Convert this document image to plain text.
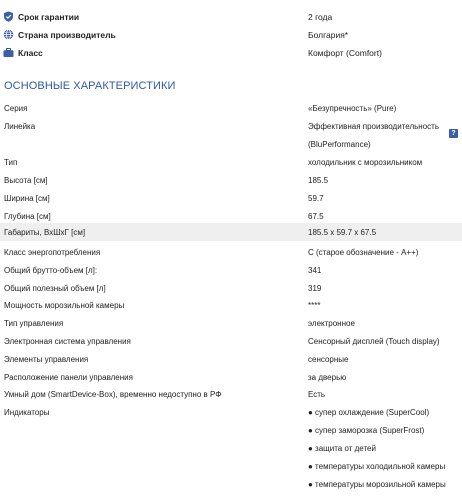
Срок гарантии	2 года
Страна производитель	Болгария*
Класс	Комфорт (Comfort)
ОСНОВНЫЕ ХАРАКТЕРИСТИКИ
Серия	«Безупречность» (Pure)
Линейка	Эффективная производительность
(BluPerformance)
?
Тип	холодильник с морозильником
Высота [см]	185.5
Ширина [см]	59.7
Глубина [см]	67.5
Габариты, ВхШхГ [см]	185.5 x 59.7 x 67.5
Класс энергопотребления	C (старое обозначение - A++)
Общий брутто-объем [л]:	341
Общий полезный объем [л]	319
Мощность морозильной камеры	****
Тип управления	электронное
Электронная система управления	Сенсорный дисплей (Touch display)
Элементы управления	сенсорные
Расположение панели управления	за дверью
Умный дом (SmartDevice-Box), временно недоступно в РФ	Есть
Индикаторы	● супер охлаждение (SuperCool)
● супер заморозка (SuperFrost)
● защита от детей
● температуры холодильной камеры
● температуры морозильной камеры
